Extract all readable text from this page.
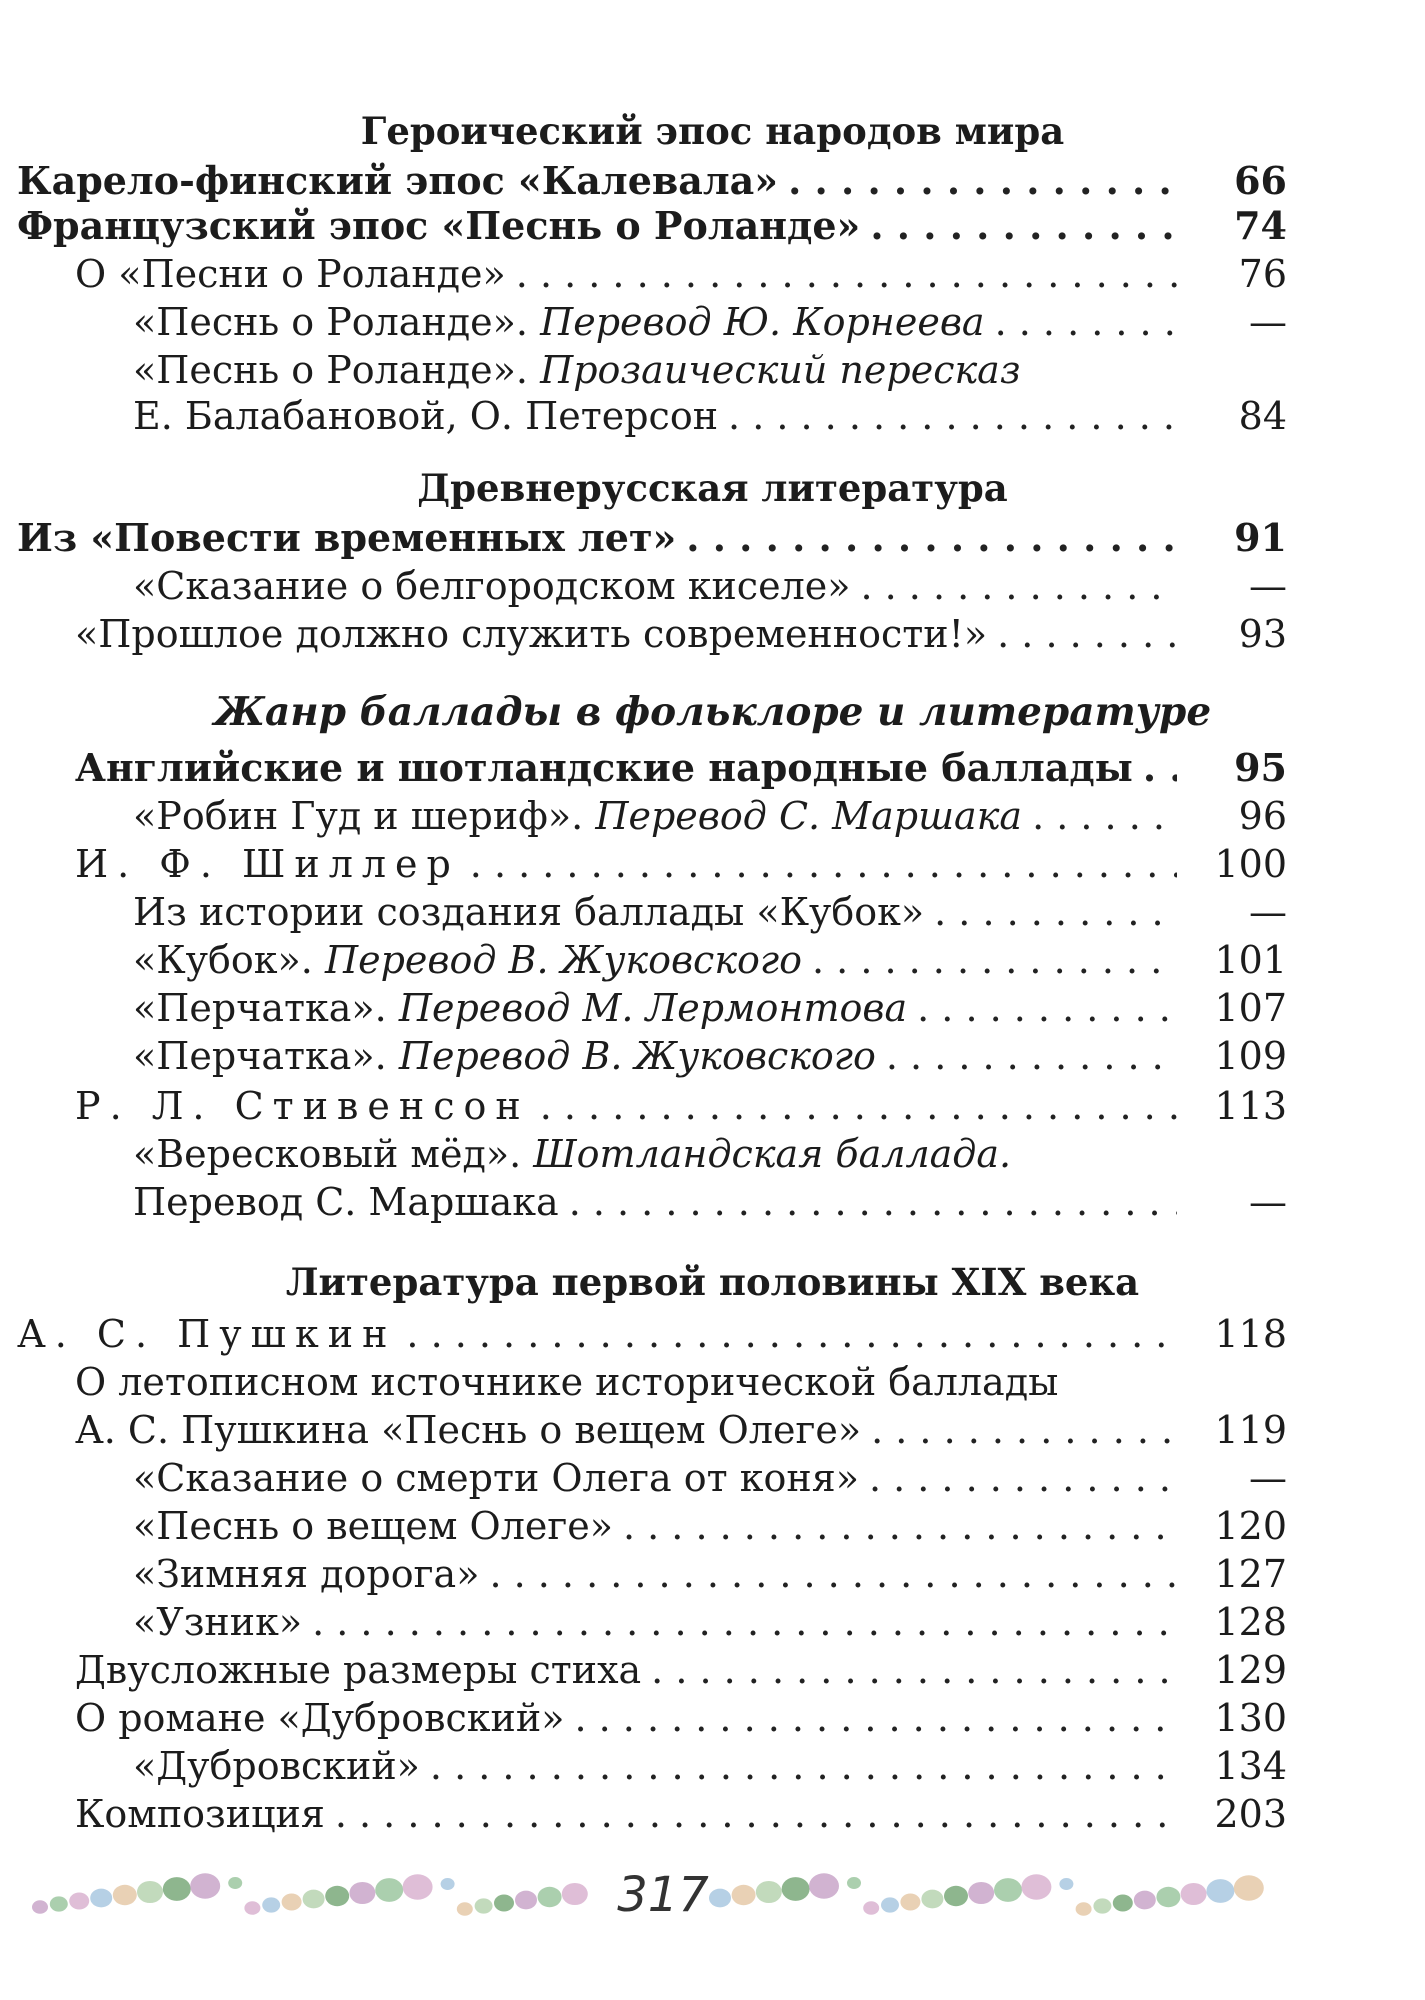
Героический эпос народов мира
Карело-финский эпос «Калевала» . . .	66
Французский эпос «Песнь о Роланде» . . .	74
О «Песни о Роланде» . . .	76
«Песнь о Роланде». Перевод Ю. Корнеева . . .	—
«Песнь о Роланде». Прозаический пересказ
Е. Балабановой, О. Петерсон . . .	84
Древнерусская литература
Из «Повести временных лет» . . .	91
«Сказание о белгородском киселе» . . .	—
«Прошлое должно служить современности!» . . .	93
Жанр баллады в фольклоре и литературе
Английские и шотландские народные баллады . . .	95
«Робин Гуд и шериф». Перевод С. Маршака . . .	96
И. Ф. Шиллер . . .	100
Из истории создания баллады «Кубок» . . .	—
«Кубок». Перевод В. Жуковского . . .	101
«Перчатка». Перевод М. Лермонтова . . .	107
«Перчатка». Перевод В. Жуковского . . .	109
Р. Л. Стивенсон . . .	113
«Вересковый мёд». Шотландская баллада.
Перевод С. Маршака . . .	—
Литература первой половины XIX века
А. С. Пушкин . . .	118
О летописном источнике исторической баллады
А. С. Пушкина «Песнь о вещем Олеге» . . .	119
«Сказание о смерти Олега от коня» . . .	—
«Песнь о вещем Олеге» . . .	120
«Зимняя дорога» . . .	127
«Узник» . . .	128
Двусложные размеры стиха . . .	129
О романе «Дубровский» . . .	130
«Дубровский» . . .	134
Композиция . . .	203
317
